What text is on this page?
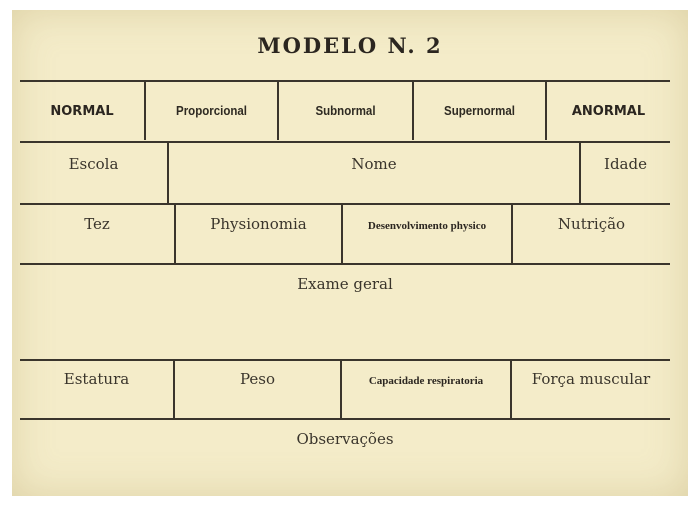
MODELO N. 2
NORMAL	Proporcional	Subnormal	Supernormal	ANORMAL
Escola	Nome	Idade
Tez	Physionomia	Desenvolvimento physico	Nutrição
Exame geral
Estatura	Peso	Capacidade respiratoria	Força muscular
Observações
